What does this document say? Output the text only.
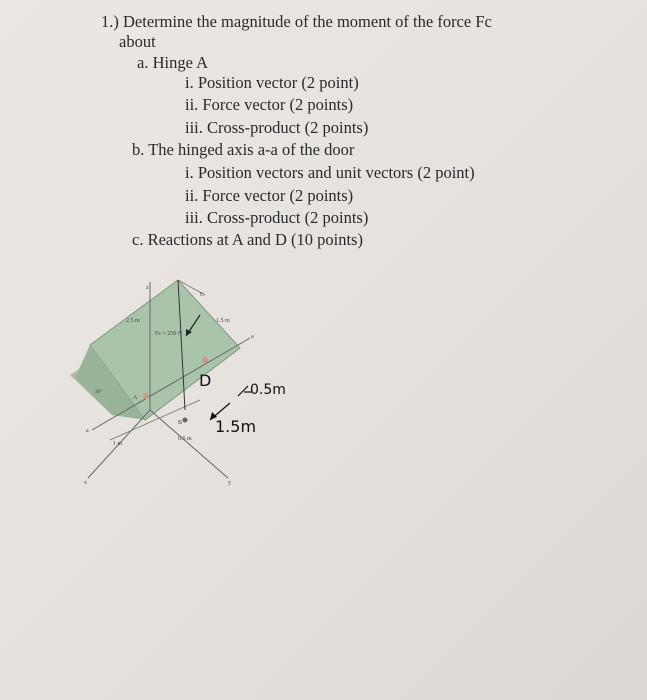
1.) Determine the magnitude of the moment of the force Fc
about
a. Hinge A
i. Position vector (2 point)
ii. Force vector (2 points)
iii. Cross-product (2 points)
b. The hinged axis a-a of the door
i. Position vectors and unit vectors (2 point)
ii. Force vector (2 points)
iii. Cross-product (2 points)
c. Reactions at A and D (10 points)
2.5 m	1.5 m
Fc = 250 N
C
A
B
z
x	y
a
a
1 m
0.5 m
30°
D	0.5m
1.5m
